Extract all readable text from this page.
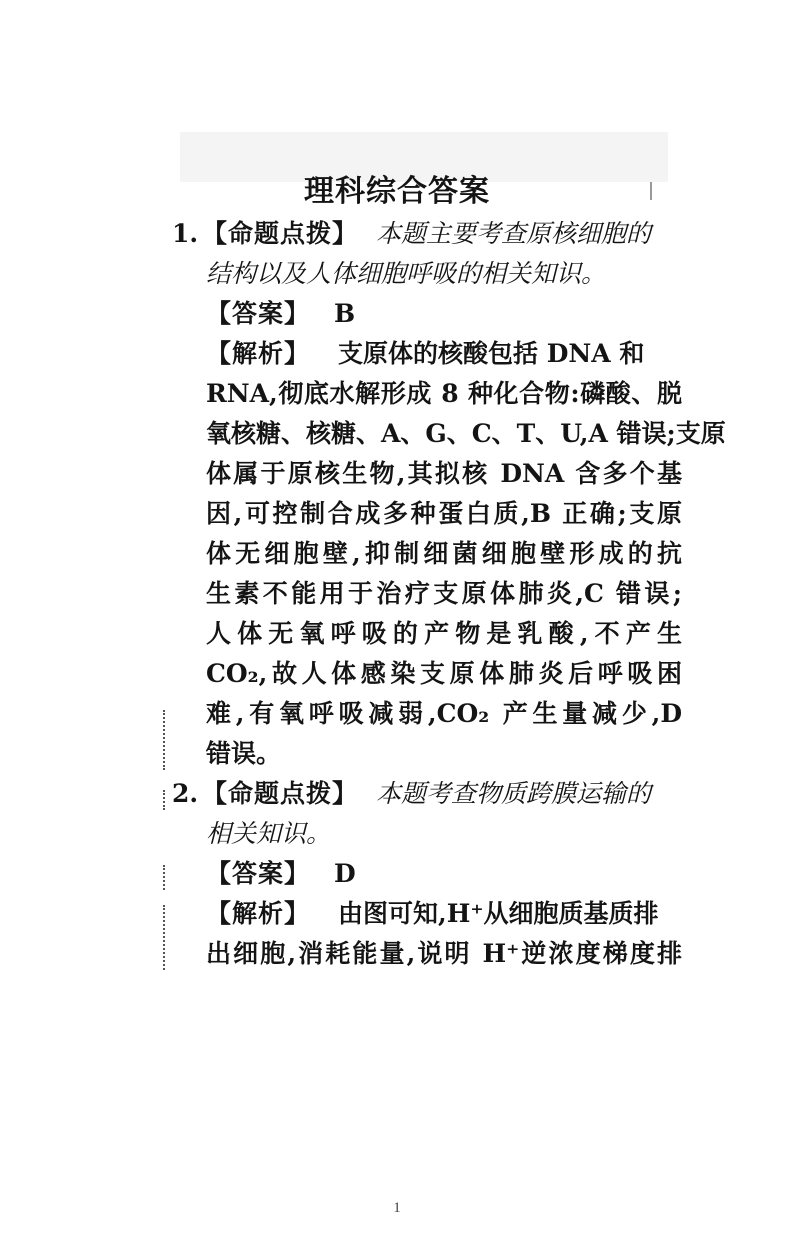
理科综合答案
1. 【命题点拨】 本题主要考查原核细胞的
结构以及人体细胞呼吸的相关知识。
【答案】 B
【解析】 支原体的核酸包括 DNA 和
RNA,彻底水解形成 8 种化合物:磷酸、脱
氧核糖、核糖、A、G、C、T、U,A 错误;支原
体属于原核生物,其拟核 DNA 含多个基
因,可控制合成多种蛋白质,B 正确;支原
体无细胞壁,抑制细菌细胞壁形成的抗
生素不能用于治疗支原体肺炎,C 错误;
人体无氧呼吸的产物是乳酸,不产生
CO₂,故人体感染支原体肺炎后呼吸困
难,有氧呼吸减弱,CO₂ 产生量减少,D
错误。
2. 【命题点拨】 本题考查物质跨膜运输的
相关知识。
【答案】 D
【解析】 由图可知,H⁺从细胞质基质排
出细胞,消耗能量,说明 H⁺逆浓度梯度排
1
